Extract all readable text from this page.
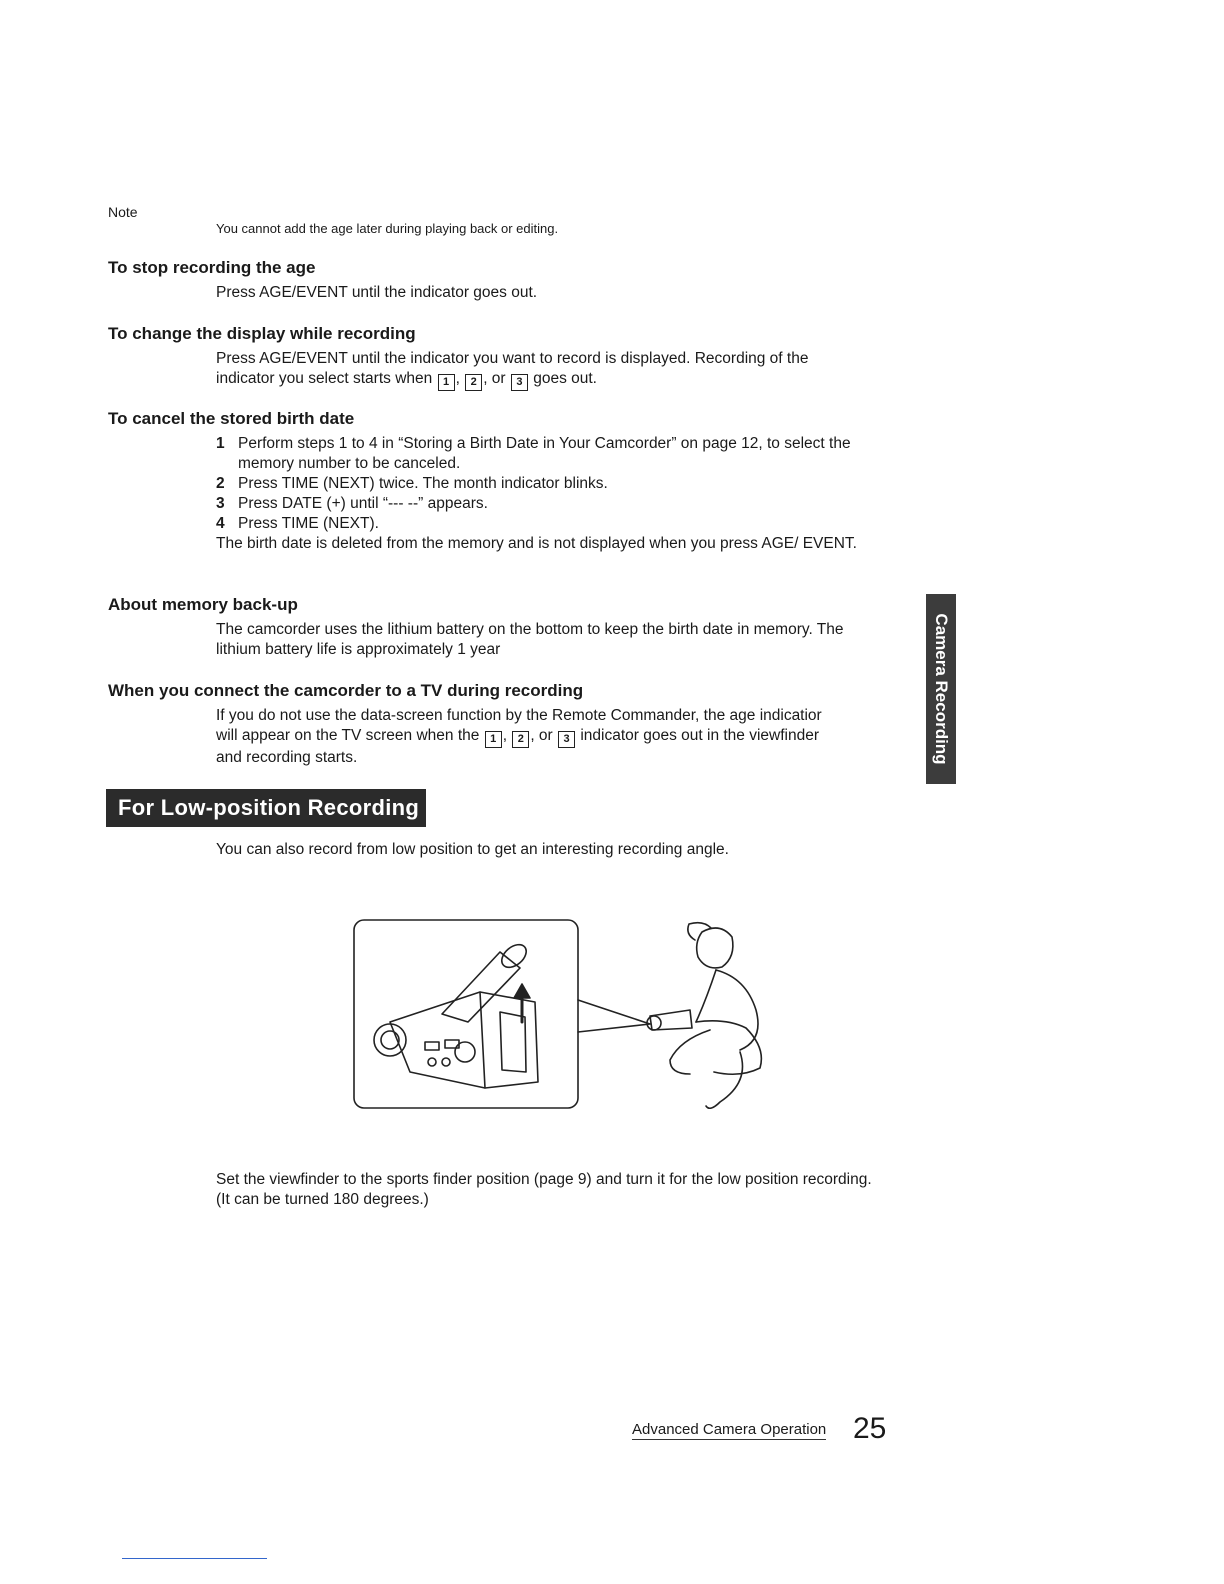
Note
You cannot add the age later during playing back or editing.
To stop recording the age
Press AGE/EVENT until the indicator goes out.
To change the display while recording
Press AGE/EVENT until the indicator you want to record is displayed. Recording of the
indicator you select starts when 1 , 2 , or 3 goes out.
To cancel the stored birth date
1 Perform steps 1 to 4 in “Storing a Birth Date in Your Camcorder” on page 12, to select the memory number to be canceled.
2 Press TIME (NEXT) twice. The month indicator blinks.
3 Press DATE (+) until “--- --” appears.
4 Press TIME (NEXT).
The birth date is deleted from the memory and is not displayed when you press AGE/ EVENT.
About memory back-up
The camcorder uses the lithium battery on the bottom to keep the birth date in memory. The lithium battery life is approximately 1 year
When you connect the camcorder to a TV during recording
If you do not use the data-screen function by the Remote Commander, the age indicatior
will appear on the TV screen when the 1 , 2 , or 3 indicator goes out in the viewfinder
and recording starts.	Camera Recording
For Low-position Recording
You can also record from low position to get an interesting recording angle.
Set the viewfinder to the sports finder position (page 9) and turn it for the low position recording. (It can be turned 180 degrees.)
Advanced Camera Operation 25
